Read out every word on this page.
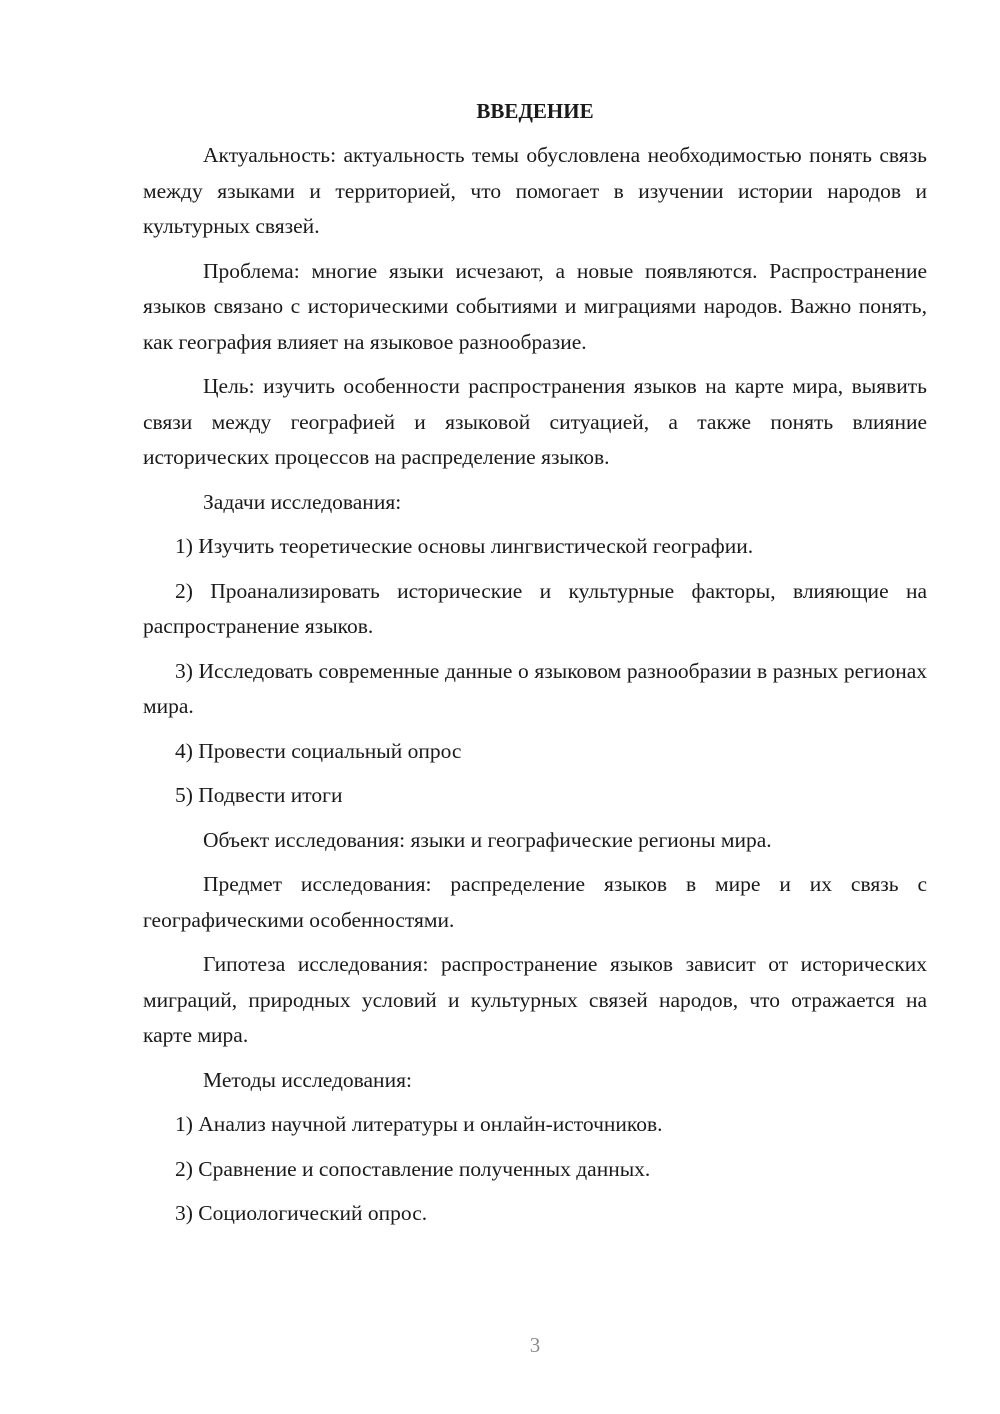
ВВЕДЕНИЕ

Актуальность: актуальность темы обусловлена необходимостью понять связь между языками и территорией, что помогает в изучении истории народов и культурных связей.

Проблема: многие языки исчезают, а новые появляются. Распространение языков связано с историческими событиями и миграциями народов. Важно понять, как география влияет на языковое разнообразие.

Цель: изучить особенности распространения языков на карте мира, выявить связи между географией и языковой ситуацией, а также понять влияние исторических процессов на распределение языков.

Задачи исследования:

1) Изучить теоретические основы лингвистической географии.

2) Проанализировать исторические и культурные факторы, влияющие на распространение языков.

3) Исследовать современные данные о языковом разнообразии в разных регионах мира.

4) Провести социальный опрос

5) Подвести итоги

Объект исследования: языки и географические регионы мира.

Предмет исследования: распределение языков в мире и их связь с географическими особенностями.

Гипотеза исследования: распространение языков зависит от исторических миграций, природных условий и культурных связей народов, что отражается на карте мира.

Методы исследования:

1) Анализ научной литературы и онлайн-источников.

2) Сравнение и сопоставление полученных данных.

3) Социологический опрос.

3
